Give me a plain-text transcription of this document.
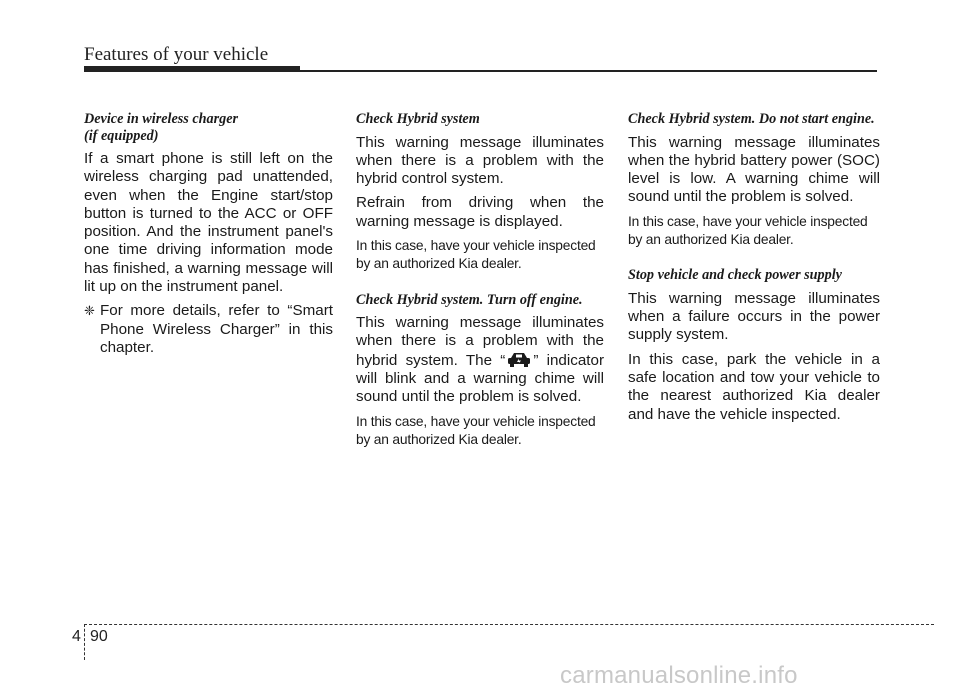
Features of your vehicle
Device in wireless charger
(if equipped)

If a smart phone is still left on the wireless charging pad unattended, even when the Engine start/stop button is turned to the ACC or OFF position. And the instrument panel's one time driving information mode has finished, a warning message will lit up on the instrument panel.

❈ For more details, refer to “Smart Phone Wireless Charger” in this chapter.
Check Hybrid system

This warning message illuminates when there is a problem with the hybrid control system.

Refrain from driving when the warning message is displayed.

In this case, have your vehicle inspected by an authorized Kia dealer.

Check Hybrid system. Turn off engine.

This warning message illuminates when there is a problem with the hybrid system. The “ ” indicator will blink and a warning chime will sound until the problem is solved.

In this case, have your vehicle inspected by an authorized Kia dealer.

Check Hybrid system. Do not start engine.

This warning message illuminates when the hybrid battery power (SOC) level is low. A warning chime will sound until the problem is solved.

In this case, have your vehicle inspected by an authorized Kia dealer.

Stop vehicle and check power supply

This warning message illuminates when a failure occurs in the power supply system.

In this case, park the vehicle in a safe location and tow your vehicle to the nearest authorized Kia dealer and have the vehicle inspected.

4 90
carmanualsonline.info
